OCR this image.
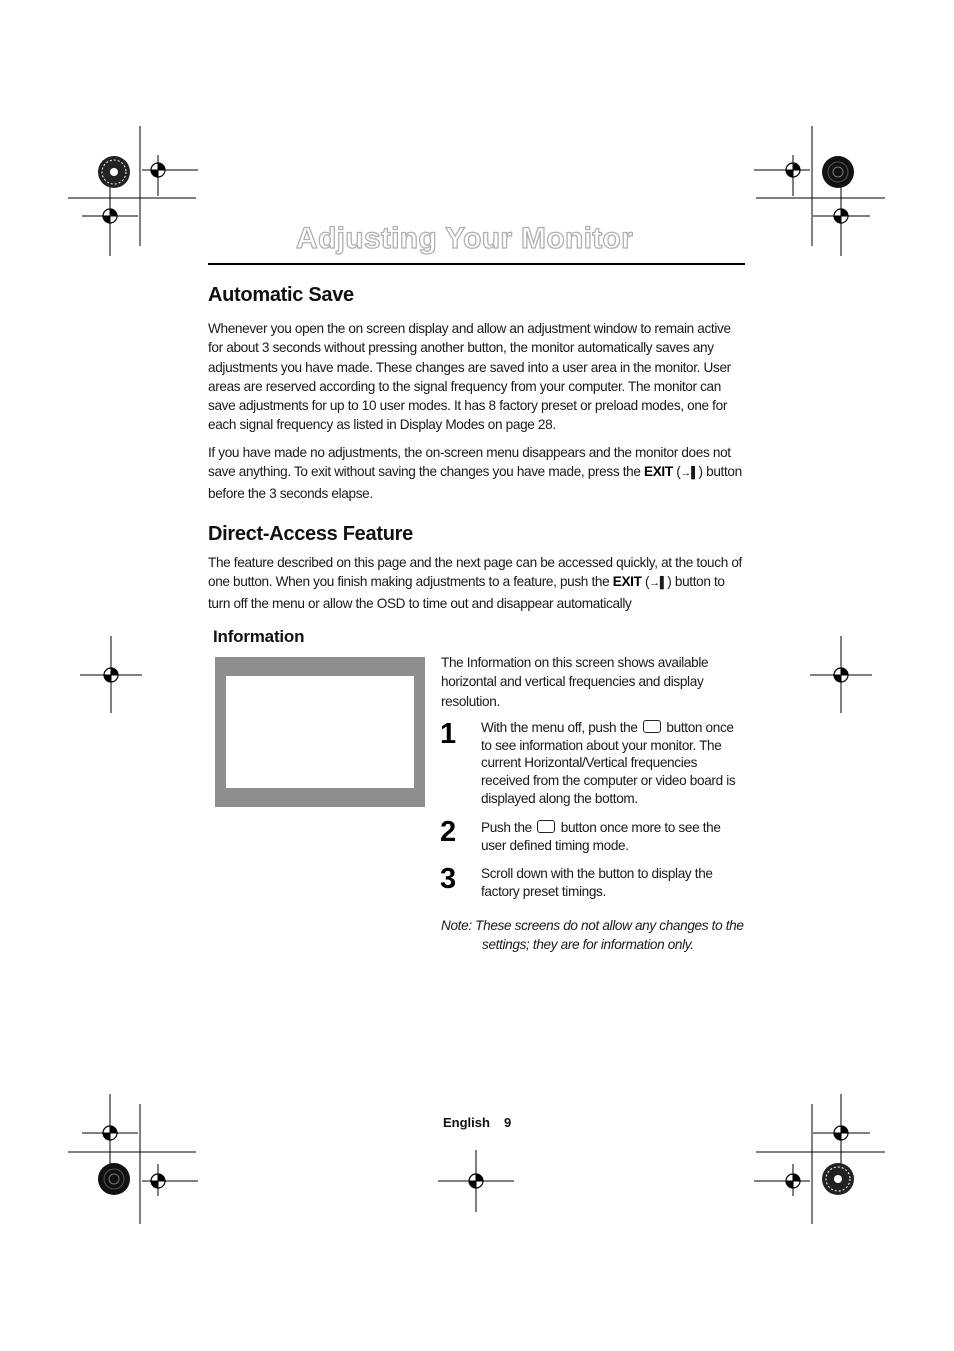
Adjusting Your Monitor
Automatic Save

Whenever you open the on screen display and allow an adjustment window to remain active for about 3 seconds without pressing another button, the monitor automatically saves any adjustments you have made. These changes are saved into a user area in the monitor. User areas are reserved according to the signal frequency from your computer. The monitor can save adjustments for up to 10 user modes. It has 8 factory preset or preload modes, one for each signal frequency as listed in Display Modes on page 28.

If you have made no adjustments, the on-screen menu disappears and the monitor does not save anything. To exit without saving the changes you have made, press the EXIT (→▌) button before the 3 seconds elapse.

Direct-Access Feature

The feature described on this page and the next page can be accessed quickly, at the touch of one button. When you finish making adjustments to a feature, push the EXIT (→▌) button to turn off the menu or allow the OSD to time out and disappear automatically

Information

The Information on this screen shows available horizontal and vertical frequencies and display resolution.

1 With the menu off, push the button once to see information about your monitor. The current Horizontal/Vertical frequencies received from the computer or video board is displayed along the bottom.

2 Push the button once more to see the user defined timing mode.

3 Scroll down with the button to display the factory preset timings.

Note: These screens do not allow any changes to the settings; they are for information only.

English 9
